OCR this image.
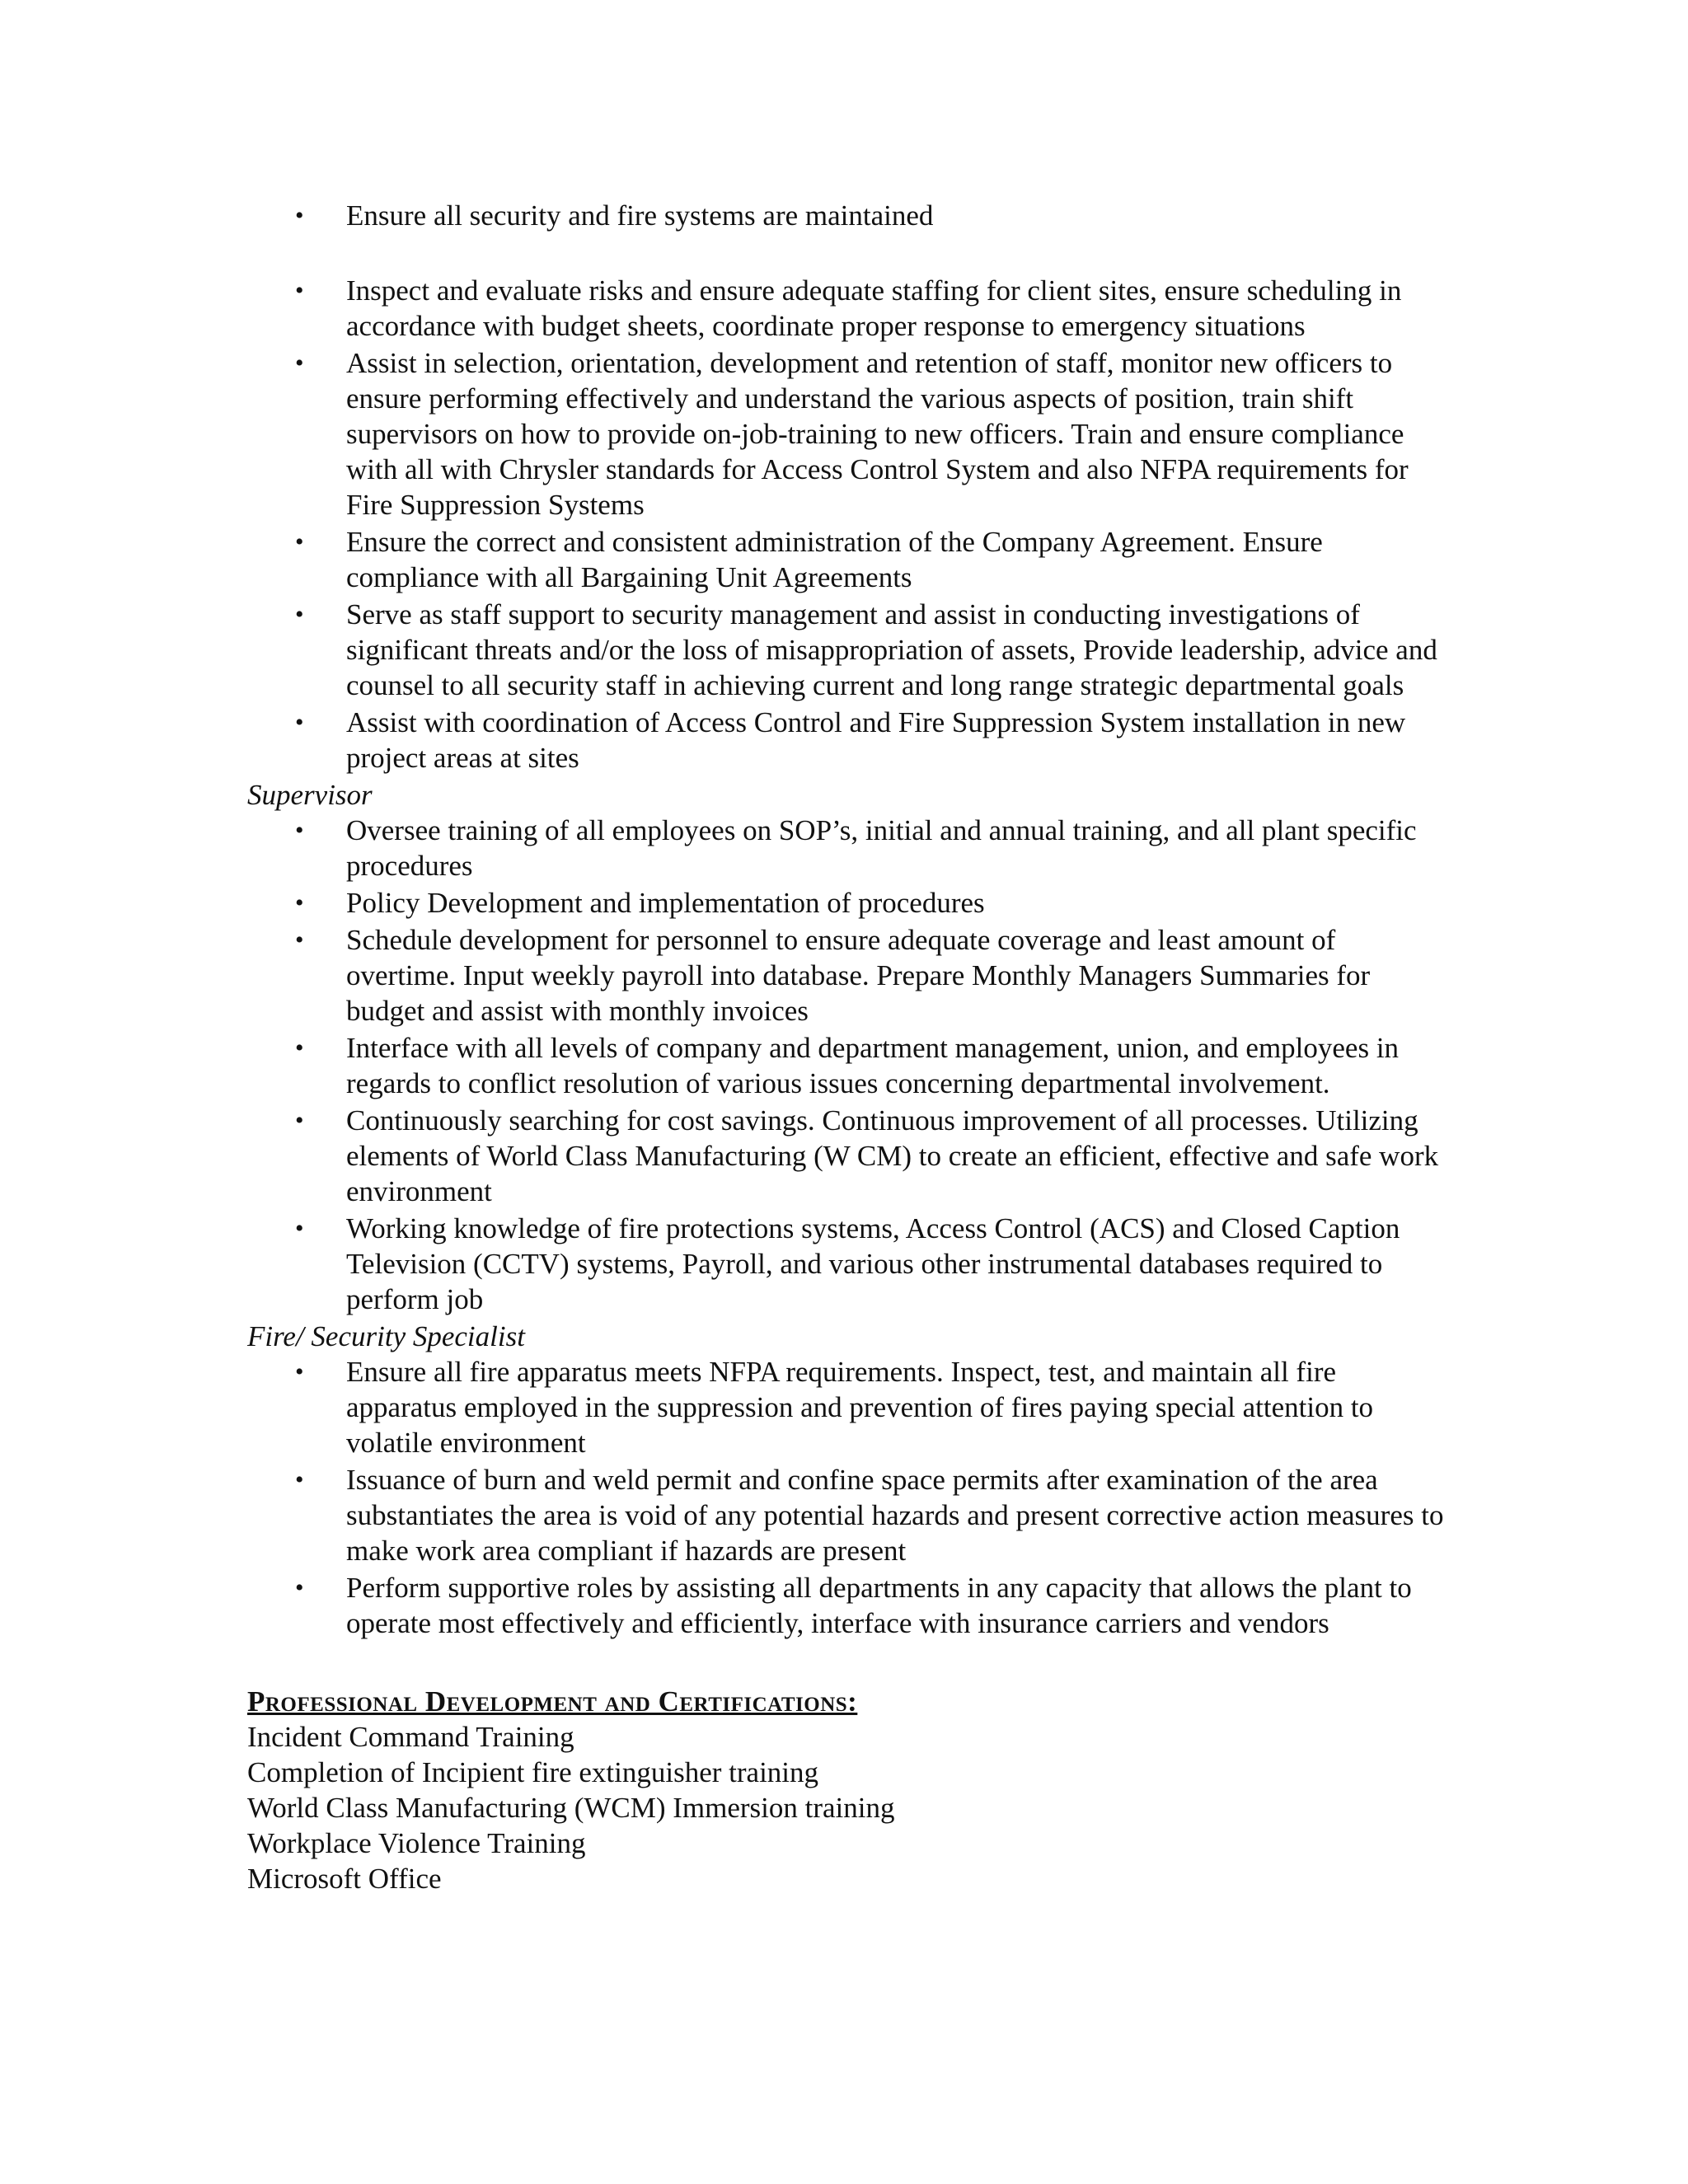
• Ensure all security and fire systems are maintained
• Inspect and evaluate risks and ensure adequate staffing for client sites, ensure scheduling in accordance with budget sheets, coordinate proper response to emergency situations
• Assist in selection, orientation, development and retention of staff, monitor new officers to ensure performing effectively and understand the various aspects of position, train shift supervisors on how to provide on-job-training to new officers. Train and ensure compliance with all with Chrysler standards for Access Control System and also NFPA requirements for Fire Suppression Systems
• Ensure the correct and consistent administration of the Company Agreement. Ensure compliance with all Bargaining Unit Agreements
• Serve as staff support to security management and assist in conducting investigations of significant threats and/or the loss of misappropriation of assets, Provide leadership, advice and counsel to all security staff in achieving current and long range strategic departmental goals
• Assist with coordination of Access Control and Fire Suppression System installation in new project areas at sites

Supervisor

• Oversee training of all employees on SOP’s, initial and annual training, and all plant specific procedures
• Policy Development and implementation of procedures
• Schedule development for personnel to ensure adequate coverage and least amount of overtime. Input weekly payroll into database. Prepare Monthly Managers Summaries for budget and assist with monthly invoices
• Interface with all levels of company and department management, union, and employees in regards to conflict resolution of various issues concerning departmental involvement.
• Continuously searching for cost savings. Continuous improvement of all processes. Utilizing elements of World Class Manufacturing (W CM) to create an efficient, effective and safe work environment
• Working knowledge of fire protections systems, Access Control (ACS) and Closed Caption Television (CCTV) systems, Payroll, and various other instrumental databases required to perform job

Fire/ Security Specialist

• Ensure all fire apparatus meets NFPA requirements. Inspect, test, and maintain all fire apparatus employed in the suppression and prevention of fires paying special attention to volatile environment
• Issuance of burn and weld permit and confine space permits after examination of the area substantiates the area is void of any potential hazards and present corrective action measures to make work area compliant if hazards are present
• Perform supportive roles by assisting all departments in any capacity that allows the plant to operate most effectively and efficiently, interface with insurance carriers and vendors
Professional Development and Certifications:
Incident Command Training
Completion of Incipient fire extinguisher training
World Class Manufacturing (WCM) Immersion training
Workplace Violence Training
Microsoft Office
